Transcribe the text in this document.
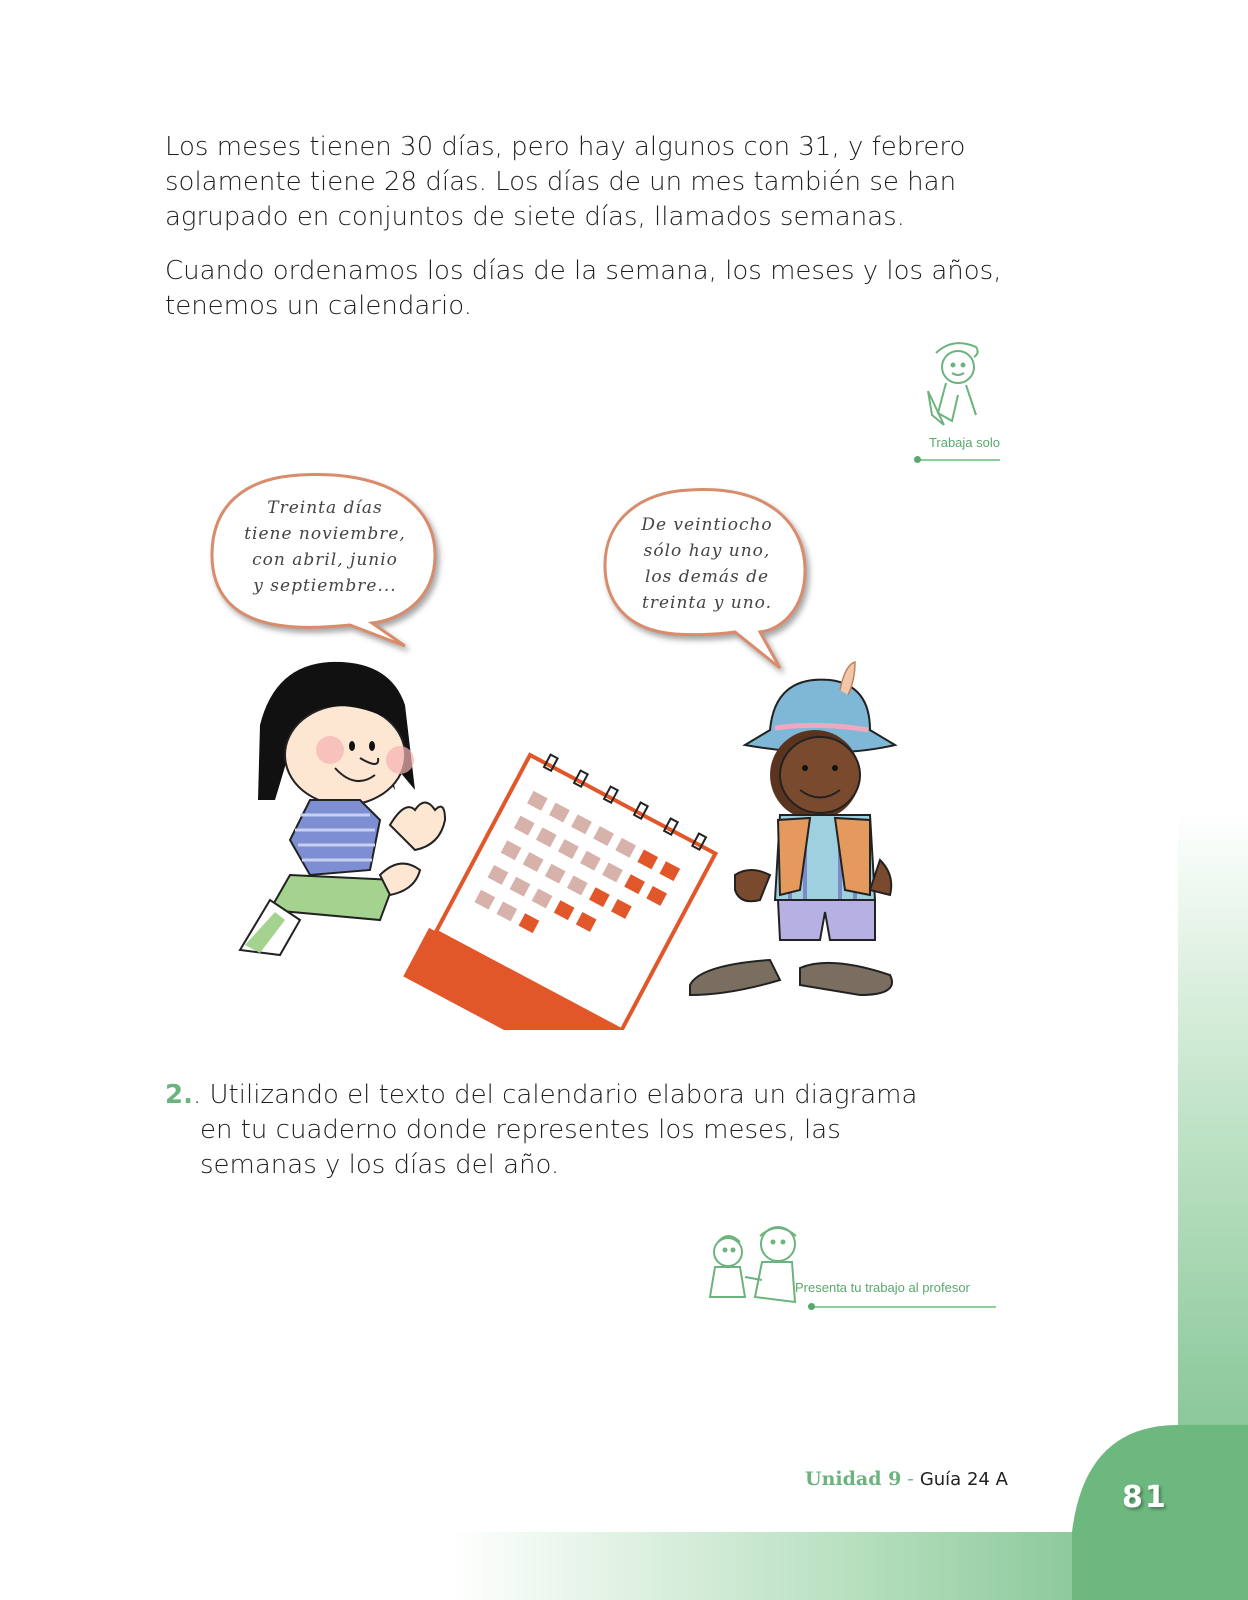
Los meses tienen 30 días, pero hay algunos con 31, y febrero solamente tiene 28 días. Los días de un mes también se han agrupado en conjuntos de siete días, llamados semanas.

Cuando ordenamos los días de la semana, los meses y los años, tenemos un calendario.

Trabaja solo
Treinta días
tiene noviembre,
con abril, junio
y septiembre...
De veintiocho
sólo hay uno,
los demás de
treinta y uno.
2. . Utilizando el texto del calendario elabora un diagrama en tu cuaderno donde representes los meses, las semanas y los días del año.
Presenta tu trabajo al profesor
Unidad 9 - Guía 24 A
81
